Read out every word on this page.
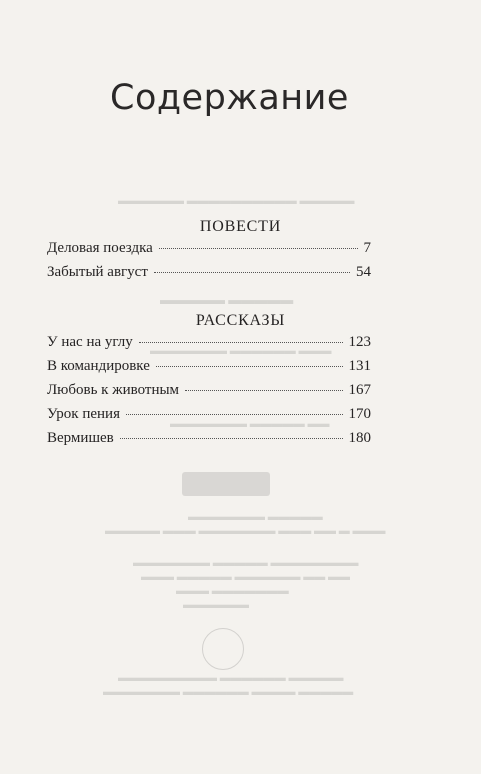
▬▬▬▬▬▬ ▬▬▬▬▬▬▬▬▬▬ ▬▬▬▬▬
▬▬▬▬▬ ▬▬▬▬▬
▬▬▬▬▬▬▬ ▬▬▬▬▬▬ ▬▬▬
▬▬▬▬▬▬▬ ▬▬▬▬▬ ▬▬
▬▬▬▬▬▬▬ ▬▬▬▬▬
▬▬▬▬▬ ▬▬▬ ▬▬▬▬▬▬▬ ▬▬▬ ▬▬ ▬ ▬▬▬
▬▬▬▬▬▬▬ ▬▬▬▬▬ ▬▬▬▬▬▬▬▬
▬▬▬ ▬▬▬▬▬ ▬▬▬▬▬▬ ▬▬ ▬▬
▬▬▬ ▬▬▬▬▬▬▬
▬▬▬▬▬▬
▬▬▬▬▬▬▬▬▬ ▬▬▬▬▬▬ ▬▬▬▬▬
▬▬▬▬▬▬▬ ▬▬▬▬▬▬ ▬▬▬▬ ▬▬▬▬▬
Содержание
ПОВЕСТИ
Деловая поездка	7
Забытый август	54
РАССКАЗЫ
У нас на углу	123
В командировке	131
Любовь к животным	167
Урок пения	170
Вермишев	180
